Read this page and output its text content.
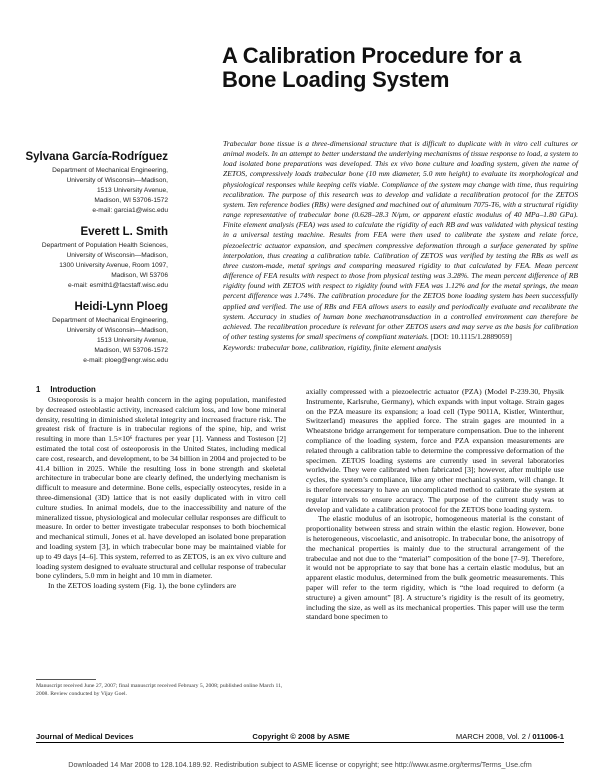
A Calibration Procedure for a Bone Loading System
Sylvana García-Rodríguez
Department of Mechanical Engineering,
University of Wisconsin—Madison,
1513 University Avenue,
Madison, WI 53706-1572
e-mail: garcia1@wisc.edu
Everett L. Smith
Department of Population Health Sciences,
University of Wisconsin—Madison,
1300 University Avenue, Room 1097,
Madison, WI 53706
e-mail: esmith1@facstaff.wisc.edu
Heidi-Lynn Ploeg
Department of Mechanical Engineering,
University of Wisconsin—Madison,
1513 University Avenue,
Madison, WI 53706-1572
e-mail: ploeg@engr.wisc.edu
Trabecular bone tissue is a three-dimensional structure that is difficult to duplicate with in vitro cell cultures or animal models. In an attempt to better understand the underlying mechanisms of tissue response to load, a system to load isolated bone preparations was developed. This ex vivo bone culture and loading system, given the name of ZETOS, compressively loads trabecular bone (10 mm diameter, 5.0 mm height) to evaluate its morphological and physiological responses while keeping cells viable. Compliance of the system may change with time, thus requiring recalibration. The purpose of this research was to develop and validate a recalibration protocol for the ZETOS system. Ten reference bodies (RBs) were designed and machined out of aluminum 7075-T6, with a structural rigidity range representative of trabecular bone (0.628–28.3 N/μm, or apparent elastic modulus of 40 MPa–1.80 GPa). Finite element analysis (FEA) was used to calculate the rigidity of each RB and was validated with physical testing in a universal testing machine. Results from FEA were then used to calibrate the system and relate force, piezoelectric actuator expansion, and specimen compressive deformation through a surface generated by spline interpolation, thus creating a calibration table. Calibration of ZETOS was verified by testing the RBs as well as three custom-made, metal springs and comparing measured rigidity to that calculated by FEA. Mean percent difference of FEA results with respect to those from physical testing was 3.28%. The mean percent difference of RB rigidity found with ZETOS with respect to rigidity found with FEA was 1.12% and for the metal springs, the mean percent difference was 1.74%. The calibration procedure for the ZETOS bone loading system has been successfully applied and verified. The use of RBs and FEA allows users to easily and periodically evaluate and recalibrate the system. Accuracy in studies of human bone mechanotransduction in a controlled environment can therefore be achieved. The recalibration procedure is relevant for other ZETOS users and may serve as the basis for calibration of other testing systems for small specimens of compliant materials. [DOI: 10.1115/1.2889059]
Keywords: trabecular bone, calibration, rigidity, finite element analysis
1 Introduction

Osteoporosis is a major health concern in the aging population, manifested by decreased osteoblastic activity, increased calcium loss, and low bone mineral density, resulting in diminished skeletal integrity and increased fracture risk. The greatest risk of fracture is in trabecular regions of the spine, hip, and wrist resulting in more than 1.5×10⁶ fractures per year [1]. Vanness and Tosteson [2] estimated the total cost of osteoporosis in the United States, including medical care cost, research, and development, to be 34 billion in 2004 and projected to be 41.4 billion in 2025. While the resulting loss in bone strength and skeletal architecture in trabecular bone are clearly defined, the underlying mechanism is difficult to measure and determine. Bone cells, especially osteocytes, reside in a three-dimensional (3D) lattice that is not easily duplicated with in vitro cell culture studies. In animal models, due to the inaccessibility and nature of the mineralized tissue, physiological and molecular cellular responses are difficult to measure. In order to better investigate trabecular responses to both biochemical and mechanical stimuli, Jones et al. have developed an isolated bone preparation and loading system [3], in which trabecular bone may be maintained viable for up to 49 days [4–6]. This system, referred to as ZETOS, is an ex vivo culture and loading system designed to evaluate structural and cellular response of trabecular bone cylinders, 5.0 mm in height and 10 mm in diameter.

In the ZETOS loading system (Fig. 1), the bone cylinders are

axially compressed with a piezoelectric actuator (PZA) (Model P-239.30, Physik Instrumente, Karlsruhe, Germany), which expands with input voltage. Strain gages on the PZA measure its expansion; a load cell (Type 9011A, Kistler, Winterthur, Switzerland) measures the applied force. The strain gages are mounted in a Wheatstone bridge arrangement for temperature compensation. Due to the inherent compliance of the loading system, force and PZA expansion measurements are related through a calibration table to determine the compressive deformation of the specimen. ZETOS loading systems are currently used in several laboratories worldwide. They were calibrated when fabricated [3]; however, after multiple use cycles, the system’s compliance, like any other mechanical system, will change. It is therefore necessary to have an uncomplicated method to calibrate the system at regular intervals to ensure accuracy. The purpose of the current study was to develop and validate a calibration protocol for the ZETOS bone loading system.

The elastic modulus of an isotropic, homogeneous material is the constant of proportionality between stress and strain within the elastic region. However, bone is heterogeneous, viscoelastic, and anisotropic. In trabecular bone, the anisotropy of the mechanical properties is mainly due to the structural arrangement of the trabeculae and not due to the “material” composition of the bone [7–9]. Therefore, it would not be appropriate to say that bone has a certain elastic modulus, but an apparent elastic modulus, determined from the bulk geometric measurements. This paper will refer to the term rigidity, which is “the load required to deform (a structure) a given amount” [8]. A structure’s rigidity is the result of its geometry, including the size, as well as its mechanical properties. This paper will use the term standard bone specimen to

Manuscript received June 27, 2007; final manuscript received February 5, 2008; published online March 11, 2008. Review conducted by Vijay Goel.
Journal of Medical Devices	Copyright © 2008 by ASME	MARCH 2008, Vol. 2 / 011006-1
Downloaded 14 Mar 2008 to 128.104.189.92. Redistribution subject to ASME license or copyright; see http://www.asme.org/terms/Terms_Use.cfm
